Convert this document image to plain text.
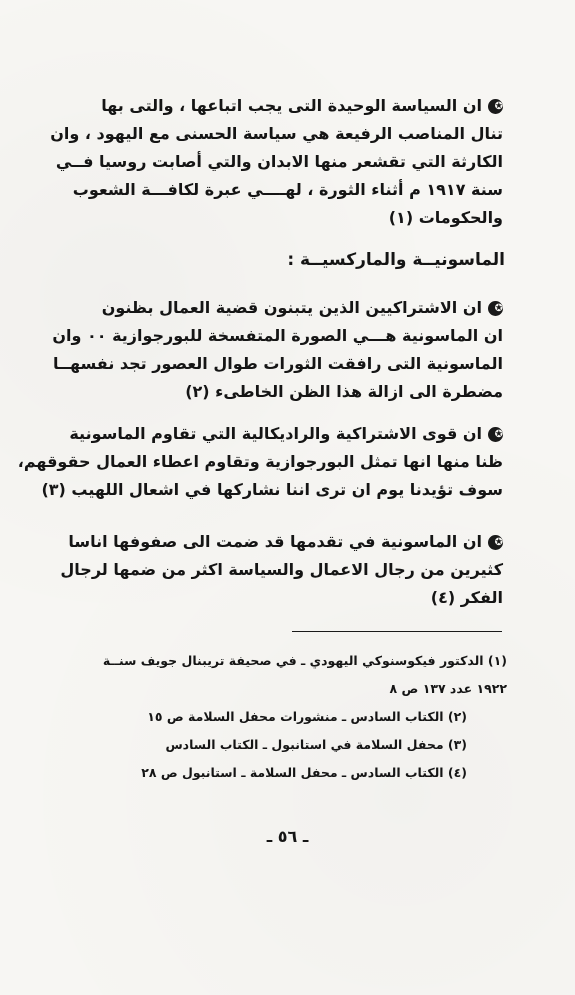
✪ان السياسة الوحيدة التى يجب اتباعها ، والتى بها
تنال المناصب الرفيعة هي سياسة الحسنى مع اليهود ، وان
الكارثة التي تقشعر منها الابدان والتي أصابت روسيا فــي
سنة ١٩١٧ م أثناء الثورة ، لهــــي عبرة لكافـــة الشعوب
والحكومات (١)
الماسونيــة والماركسيــة :
✪ان الاشتراكيين الذين يتبنون قضية العمال بظنون
ان الماسونية هـــي الصورة المتفسخة للبورجوازية ٠٠ وان
الماسونية التى رافقت الثورات طوال العصور تجد نفسهــا
مضطرة الى ازالة هذا الظن الخاطىء (٢)
✪ان قوى الاشتراكية والراديكالية التي تقاوم الماسونية
ظنا منها انها تمثل البورجوازية وتقاوم اعطاء العمال حقوقهم،
سوف تؤيدنا يوم ان ترى اننا نشاركها في اشعال اللهيب (٣)
✪ان الماسونية في تقدمها قد ضمت الى صفوفها اناسا
كثيرين من رجال الاعمال والسياسة اكثر من ضمها لرجال
الفكر (٤)
(١) الدكتور فيكوسنوكي اليهودي ـ في صحيفة تريبنال جويف سنــة
١٩٢٢ عدد ١٣٧ ص ٨
(٢) الكتاب السادس ـ منشورات محفل السلامة ص ١٥
(٣) محفل السلامة في استانبول ـ الكتاب السادس
(٤) الكتاب السادس ـ محفل السلامة ـ استانبول ص ٢٨
ـ ٥٦ ـ
